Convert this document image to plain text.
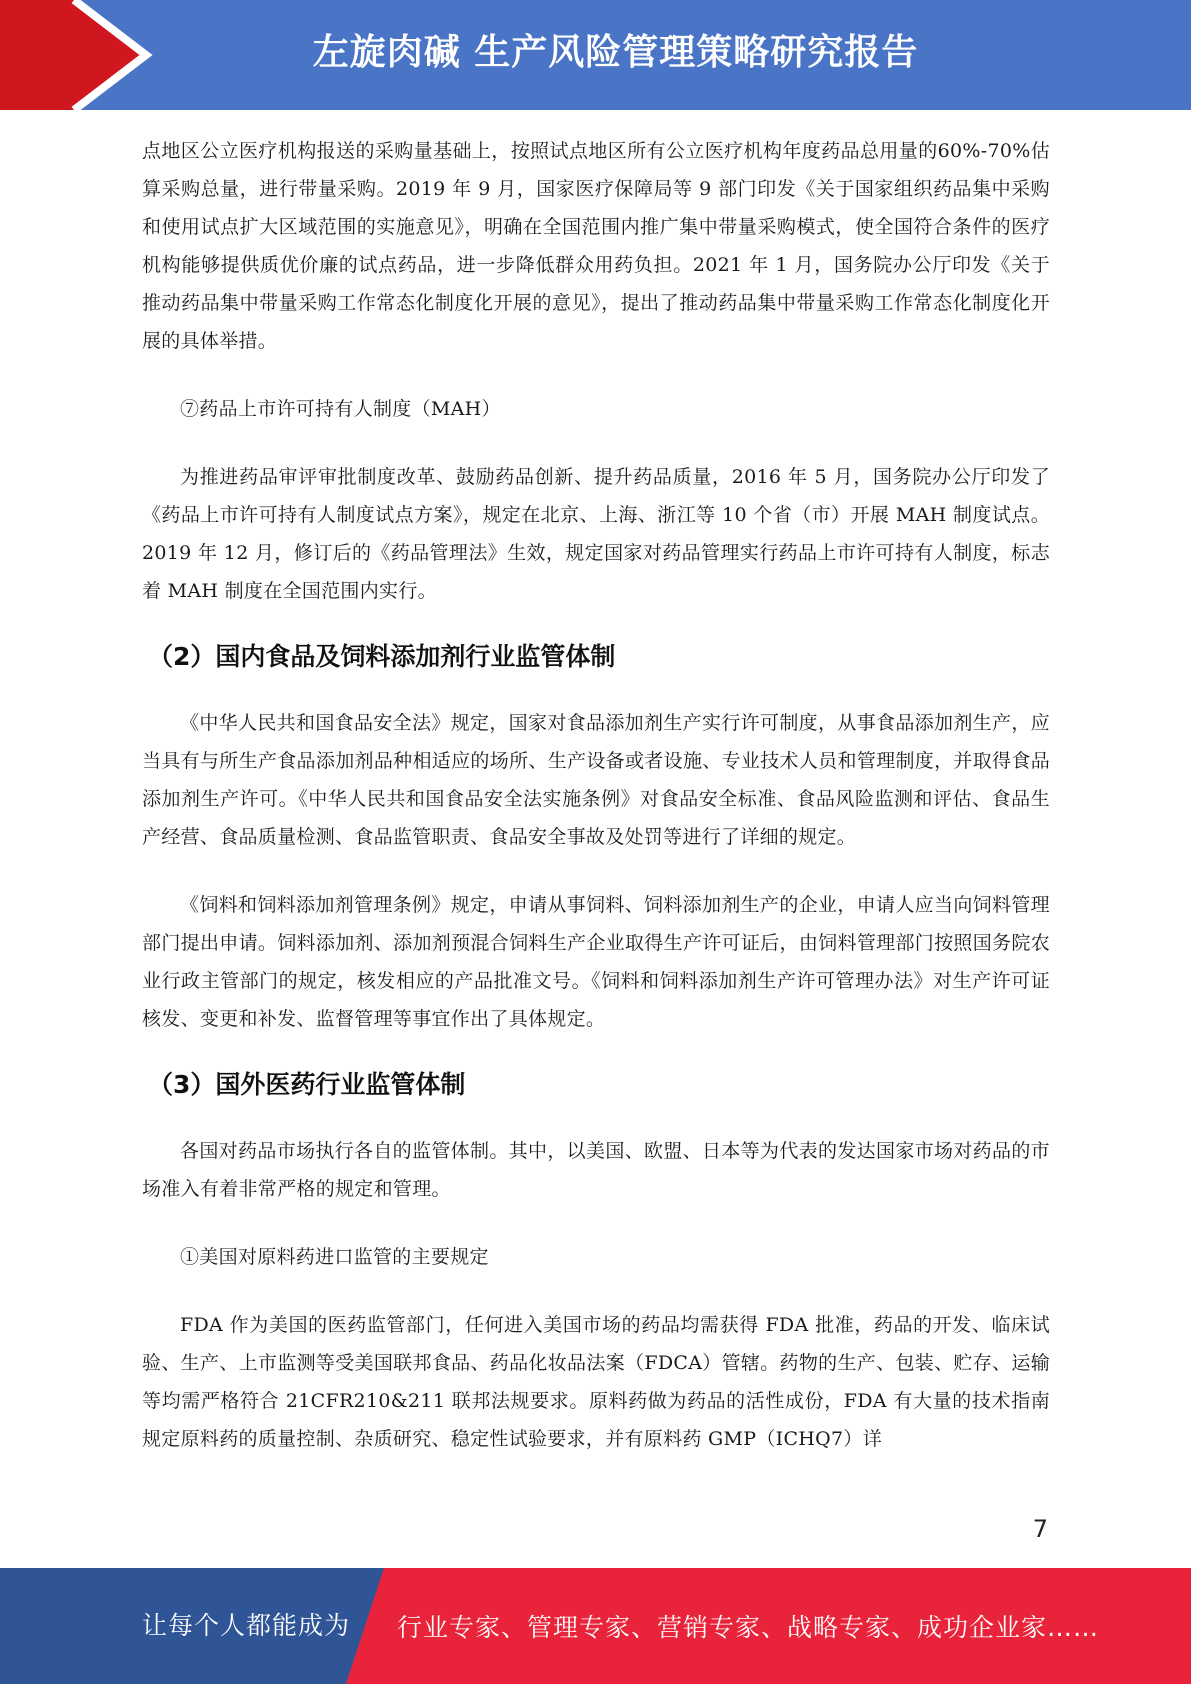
左旋肉碱 生产风险管理策略研究报告

点地区公立医疗机构报送的采购量基础上，按照试点地区所有公立医疗机构年度药品总用量的60%-70%估算采购总量，进行带量采购。2019 年 9 月，国家医疗保障局等 9 部门印发《关于国家组织药品集中采购和使用试点扩大区域范围的实施意见》，明确在全国范围内推广集中带量采购模式，使全国符合条件的医疗机构能够提供质优价廉的试点药品，进一步降低群众用药负担。2021 年 1 月，国务院办公厅印发《关于推动药品集中带量采购工作常态化制度化开展的意见》，提出了推动药品集中带量采购工作常态化制度化开展的具体举措。

⑦药品上市许可持有人制度（MAH）

为推进药品审评审批制度改革、鼓励药品创新、提升药品质量，2016 年 5 月，国务院办公厅印发了《药品上市许可持有人制度试点方案》，规定在北京、上海、浙江等 10 个省（市）开展 MAH 制度试点。2019 年 12 月，修订后的《药品管理法》生效，规定国家对药品管理实行药品上市许可持有人制度，标志着 MAH 制度在全国范围内实行。

（2）国内食品及饲料添加剂行业监管体制

《中华人民共和国食品安全法》规定，国家对食品添加剂生产实行许可制度，从事食品添加剂生产，应当具有与所生产食品添加剂品种相适应的场所、生产设备或者设施、专业技术人员和管理制度，并取得食品添加剂生产许可。《中华人民共和国食品安全法实施条例》对食品安全标准、食品风险监测和评估、食品生产经营、食品质量检测、食品监管职责、食品安全事故及处罚等进行了详细的规定。

《饲料和饲料添加剂管理条例》规定，申请从事饲料、饲料添加剂生产的企业，申请人应当向饲料管理部门提出申请。饲料添加剂、添加剂预混合饲料生产企业取得生产许可证后，由饲料管理部门按照国务院农业行政主管部门的规定，核发相应的产品批准文号。《饲料和饲料添加剂生产许可管理办法》对生产许可证核发、变更和补发、监督管理等事宜作出了具体规定。

（3）国外医药行业监管体制

各国对药品市场执行各自的监管体制。其中，以美国、欧盟、日本等为代表的发达国家市场对药品的市场准入有着非常严格的规定和管理。

①美国对原料药进口监管的主要规定

FDA 作为美国的医药监管部门，任何进入美国市场的药品均需获得 FDA 批准，药品的开发、临床试验、生产、上市监测等受美国联邦食品、药品化妆品法案（FDCA）管辖。药物的生产、包装、贮存、运输等均需严格符合 21CFR210&211 联邦法规要求。原料药做为药品的活性成份，FDA 有大量的技术指南规定原料药的质量控制、杂质研究、稳定性试验要求，并有原料药 GMP（ICHQ7）详

7
让每个人都能成为 行业专家、管理专家、营销专家、战略专家、成功企业家……
